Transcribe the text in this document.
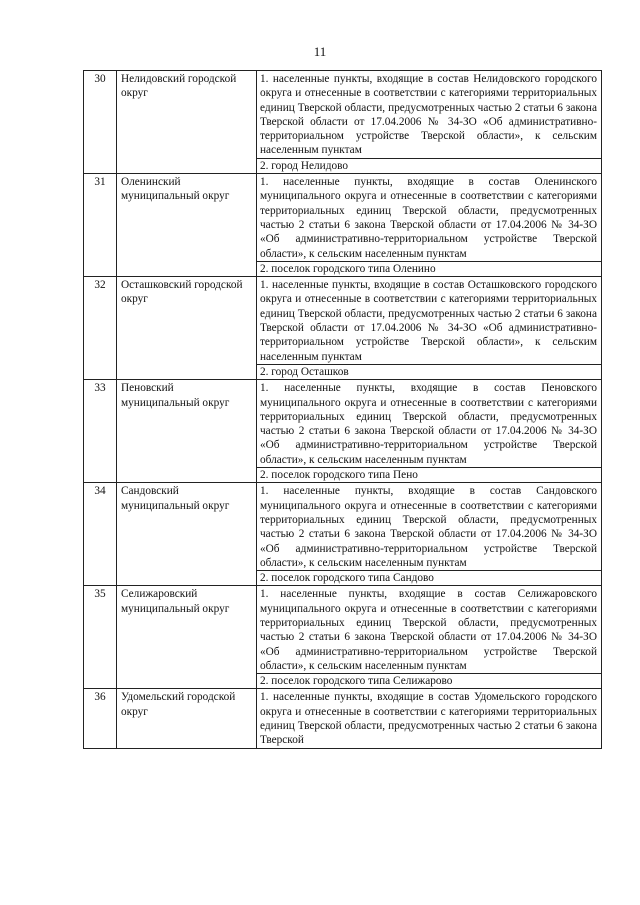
11
30	Нелидовский городской округ	1. населенные пункты, входящие в состав Нелидовского городского округа и отнесенные в соответствии с категориями территориальных единиц Тверской области, предусмотренных частью 2 статьи 6 закона Тверской области от 17.04.2006 № 34-ЗО «Об административно-территориальном устройстве Тверской области», к сельским населенным пунктам
		2. город Нелидово
31	Оленинский муниципальный округ	1. населенные пункты, входящие в состав Оленинского муниципального округа и отнесенные в соответствии с категориями территориальных единиц Тверской области, предусмотренных частью 2 статьи 6 закона Тверской области от 17.04.2006 № 34-ЗО «Об административно-территориальном устройстве Тверской области», к сельским населенным пунктам
		2. поселок городского типа Оленино
32	Осташковский городской округ	1. населенные пункты, входящие в состав Осташковского городского округа и отнесенные в соответствии с категориями территориальных единиц Тверской области, предусмотренных частью 2 статьи 6 закона Тверской области от 17.04.2006 № 34-ЗО «Об административно-территориальном устройстве Тверской области», к сельским населенным пунктам
		2. город Осташков
33	Пеновский муниципальный округ	1. населенные пункты, входящие в состав Пеновского муниципального округа и отнесенные в соответствии с категориями территориальных единиц Тверской области, предусмотренных частью 2 статьи 6 закона Тверской области от 17.04.2006 № 34-ЗО «Об административно-территориальном устройстве Тверской области», к сельским населенным пунктам
		2. поселок городского типа Пено
34	Сандовский муниципальный округ	1. населенные пункты, входящие в состав Сандовского муниципального округа и отнесенные в соответствии с категориями территориальных единиц Тверской области, предусмотренных частью 2 статьи 6 закона Тверской области от 17.04.2006 № 34-ЗО «Об административно-территориальном устройстве Тверской области», к сельским населенным пунктам
		2. поселок городского типа Сандово
35	Селижаровский муниципальный округ	1. населенные пункты, входящие в состав Селижаровского муниципального округа и отнесенные в соответствии с категориями территориальных единиц Тверской области, предусмотренных частью 2 статьи 6 закона Тверской области от 17.04.2006 № 34-ЗО «Об административно-территориальном устройстве Тверской области», к сельским населенным пунктам
		2. поселок городского типа Селижарово
36	Удомельский городской округ	1. населенные пункты, входящие в состав Удомельского городского округа и отнесенные в соответствии с категориями территориальных единиц Тверской области, предусмотренных частью 2 статьи 6 закона Тверской
